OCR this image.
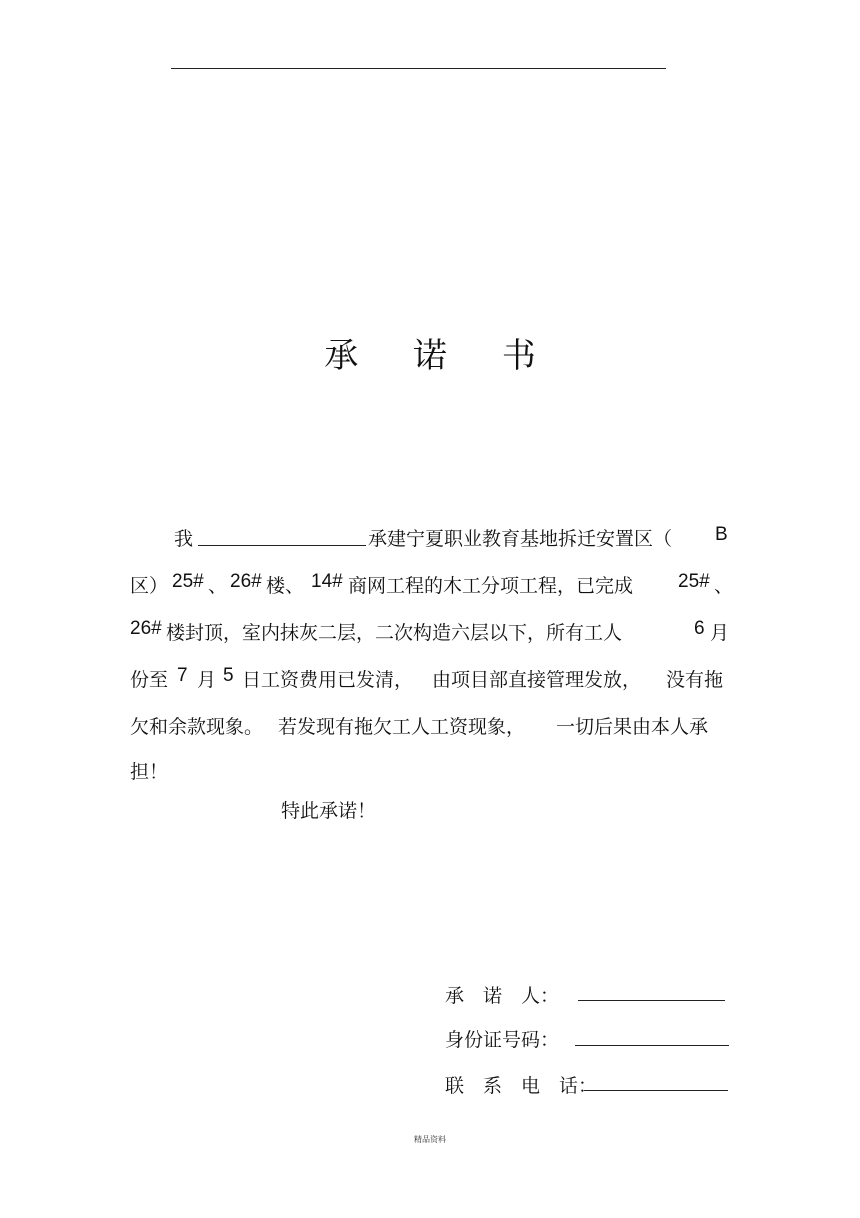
承 诺 书
我	承建宁夏职业教育基地拆迁安置区（ B
区） 25# 、 26# 楼、 14# 商网工程的木工分项工程，已完成 25# 、
26# 楼封顶，室内抹灰二层，二次构造六层以下，所有工人	6 月
份至 7 月 5 日工资费用已发清， 由项目部直接管理发放， 没有拖
欠和余款现象。 若发现有拖欠工人工资现象， 一切后果由本人承
担！
特此承诺！
承　诺　人：
身份证号码：
联　系　电　话：
精品资料
